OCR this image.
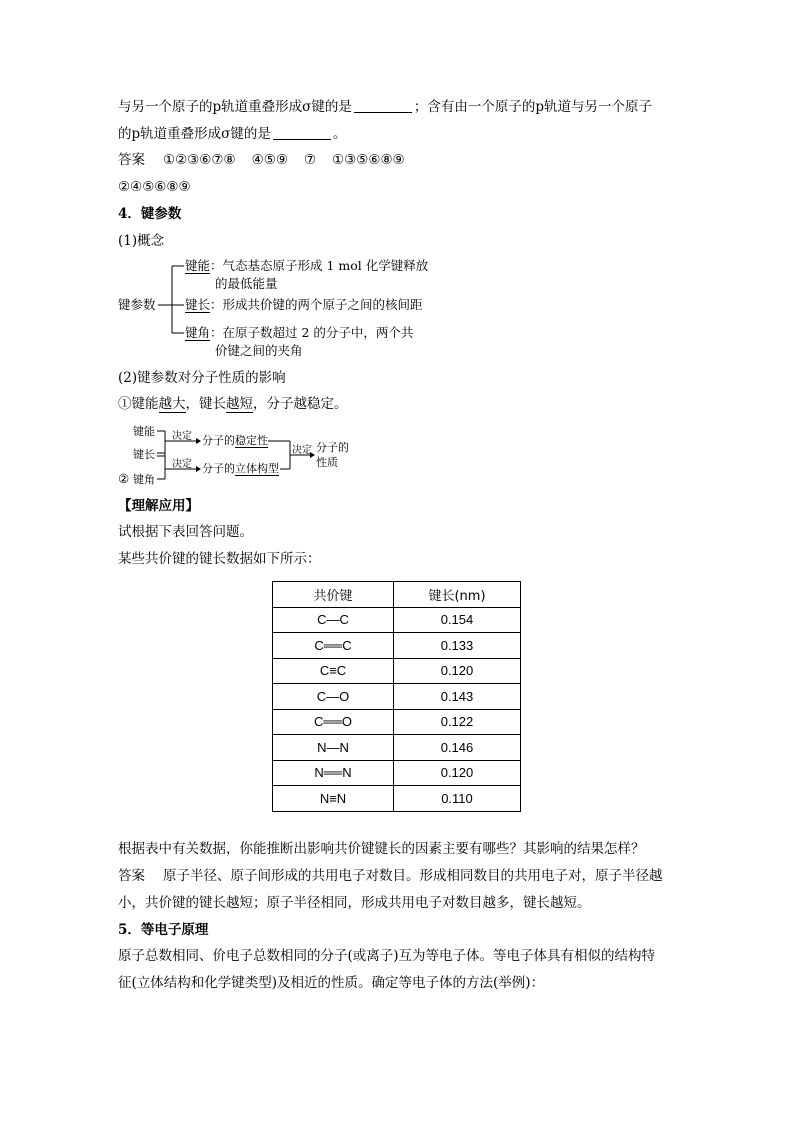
与另一个原子的p轨道重叠形成σ键的是	；含有由一个原子的p轨道与另一个原子
的p轨道重叠形成σ键的是	。
答案 ①②③⑥⑦⑧ ④⑤⑨ ⑦ ①③⑤⑥⑧⑨
②④⑤⑥⑧⑨
4．键参数
(1)概念
键参数
键能：气态基态原子形成 1 mol 化学键释放
的最低能量
键长：形成共价键的两个原子之间的核间距
键角：在原子数超过 2 的分子中，两个共
价键之间的夹角
(2)键参数对分子性质的影响
①键能越大，键长越短，分子越稳定。
键能
键长
② 键角
决定
决定
分子的稳定性
分子的立体构型
决定 分子的
性质
【理解应用】
试根据下表回答问题。
某些共价键的键长数据如下所示：
共价键	键长(nm)
C—C	0.154
C══C	0.133
C≡C	0.120
C—O	0.143
C══O	0.122
N—N	0.146
N══N	0.120
N≡N	0.110
根据表中有关数据，你能推断出影响共价键键长的因素主要有哪些？其影响的结果怎样？
答案 原子半径、原子间形成的共用电子对数目。形成相同数目的共用电子对，原子半径越
小，共价键的键长越短；原子半径相同，形成共用电子对数目越多，键长越短。
5．等电子原理
原子总数相同、价电子总数相同的分子(或离子)互为等电子体。等电子体具有相似的结构特
征(立体结构和化学键类型)及相近的性质。确定等电子体的方法(举例)：
